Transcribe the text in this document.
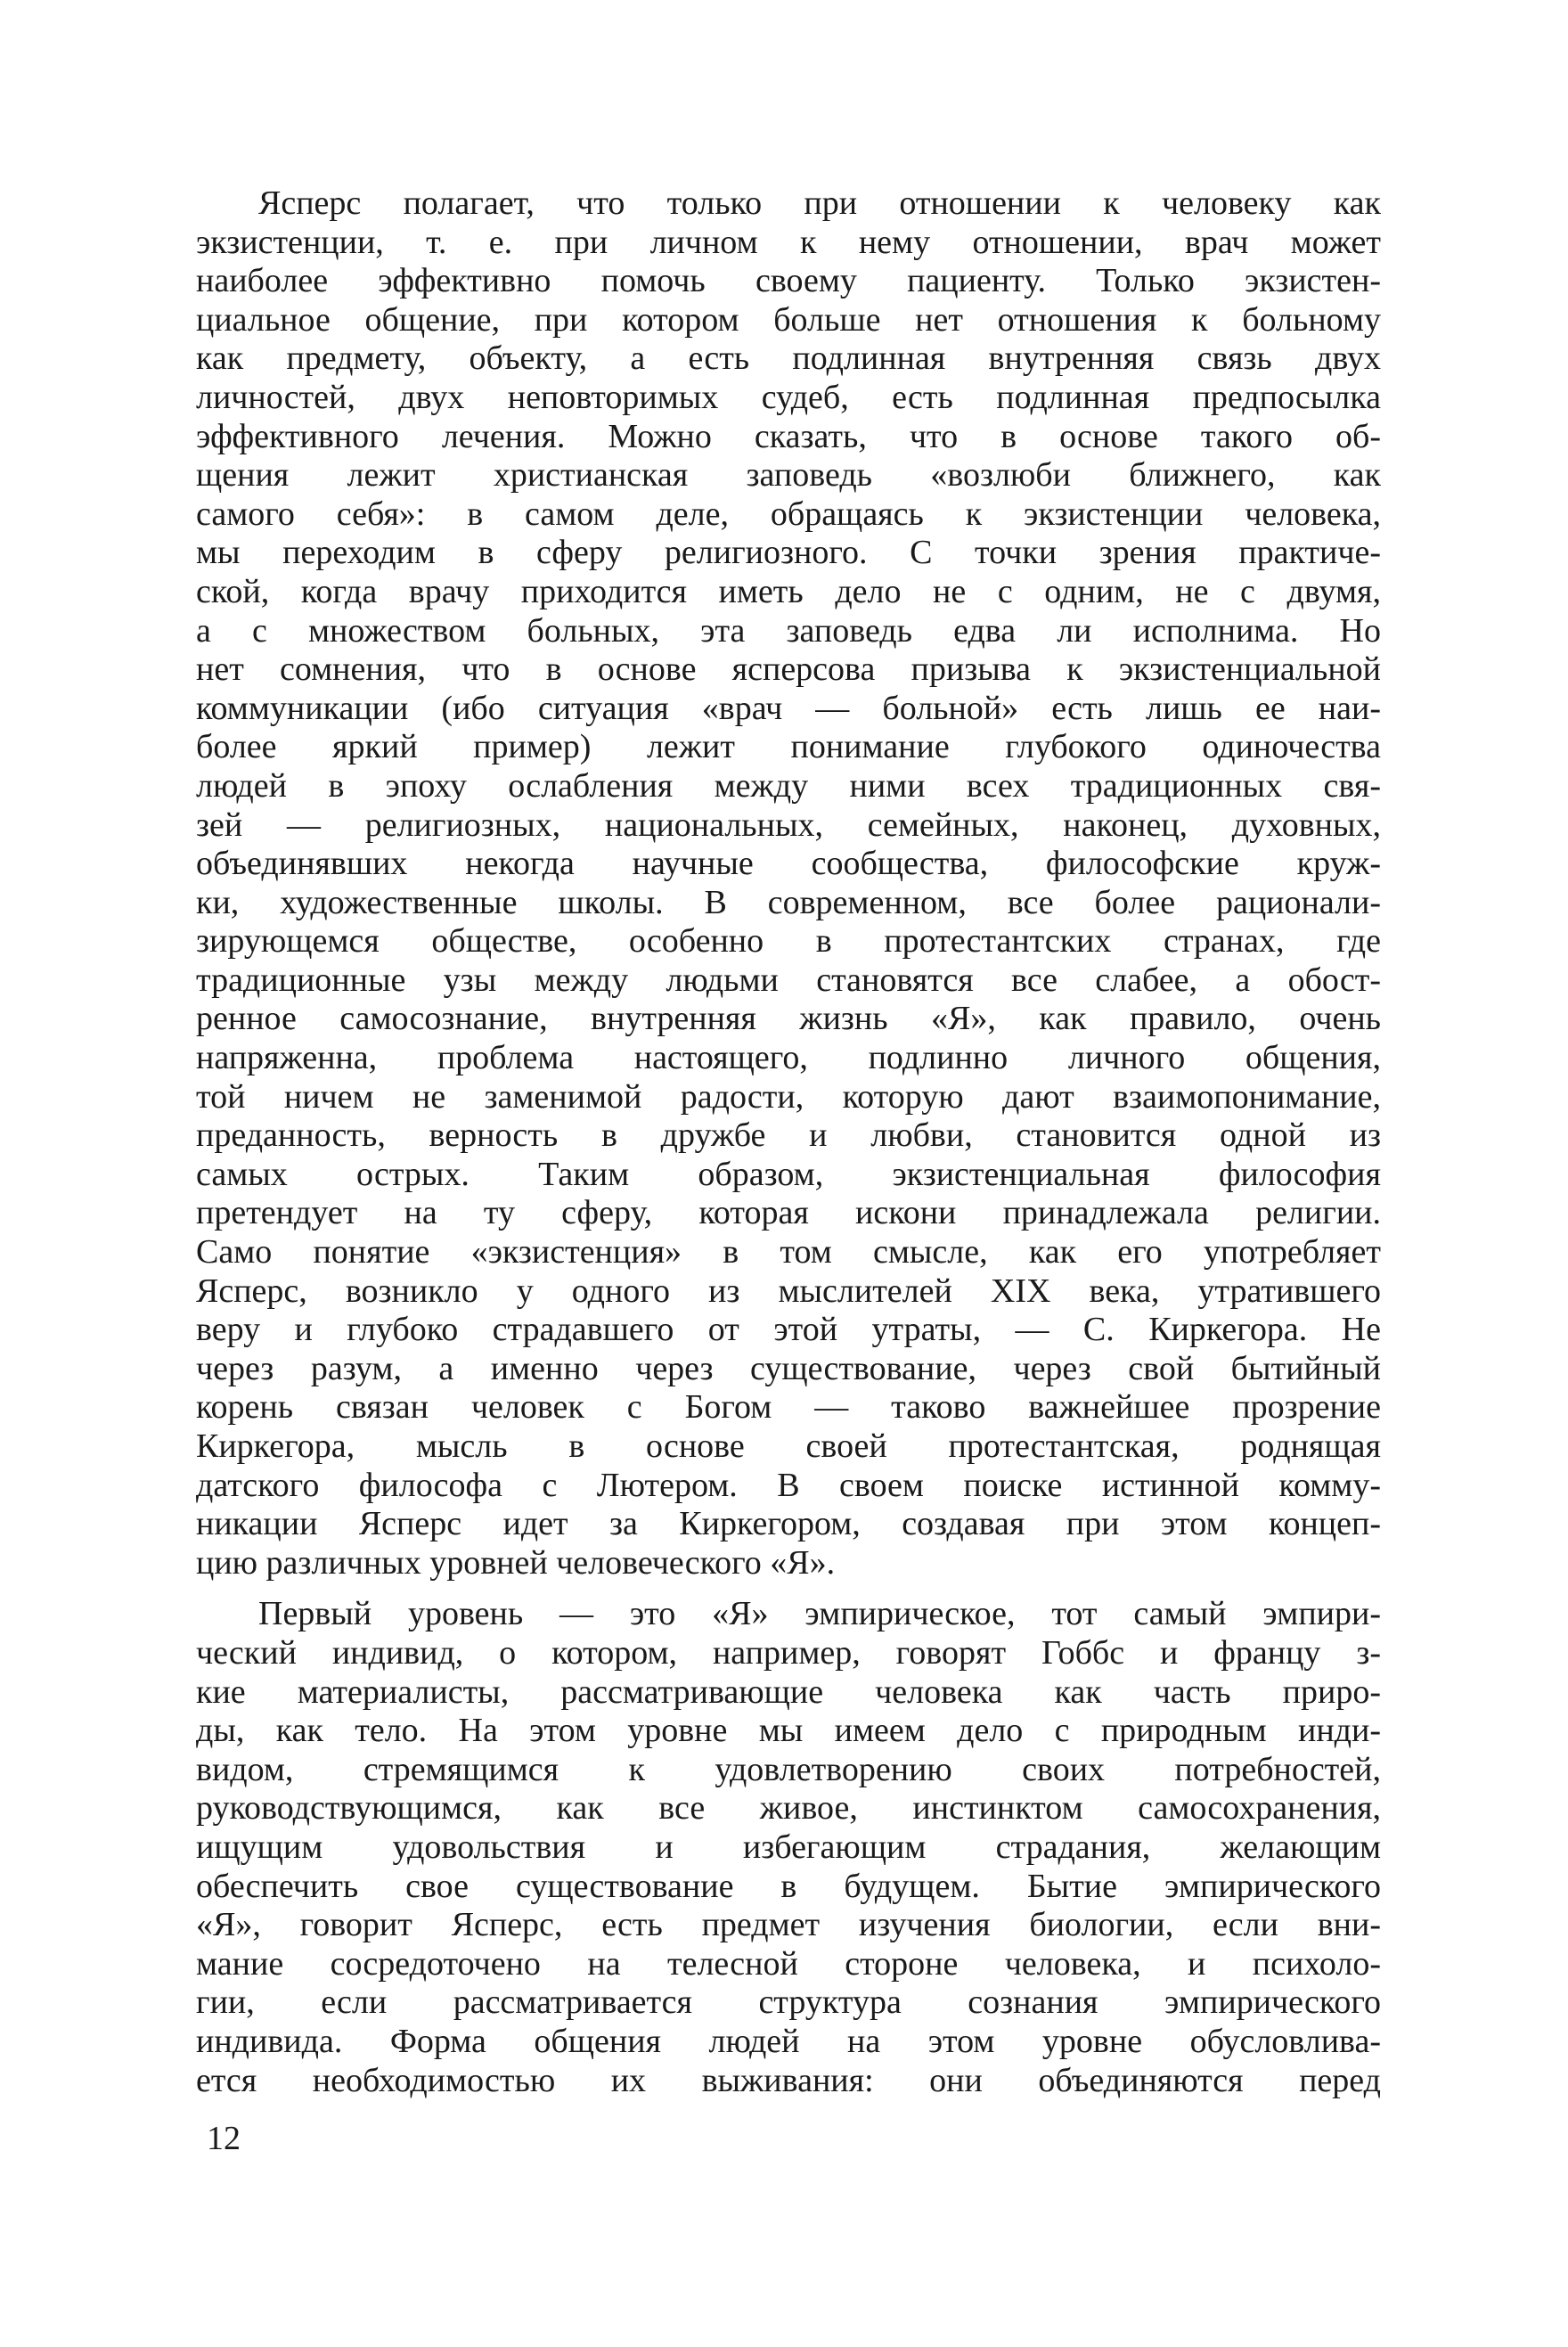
Ясперс полагает, что только при отношении к человеку как
экзистенции, т. е. при личном к нему отношении, врач может
наиболее эффективно помочь своему пациенту. Только экзистен-
циальное общение, при котором больше нет отношения к больному
как предмету, объекту, а есть подлинная внутренняя связь двух
личностей, двух неповторимых судеб, есть подлинная предпосылка
эффективного лечения. Можно сказать, что в основе такого об-
щения лежит христианская заповедь «возлюби ближнего, как
самого себя»: в самом деле, обращаясь к экзистенции человека,
мы переходим в сферу религиозного. С точки зрения практиче-
ской, когда врачу приходится иметь дело не с одним, не с двумя,
а с множеством больных, эта заповедь едва ли исполнима. Но
нет сомнения, что в основе ясперсова призыва к экзистенциальной
коммуникации (ибо ситуация «врач — больной» есть лишь ее наи-
более яркий пример) лежит понимание глубокого одиночества
людей в эпоху ослабления между ними всех традиционных свя-
зей — религиозных, национальных, семейных, наконец, духовных,
объединявших некогда научные сообщества, философские круж-
ки, художественные школы. В современном, все более рационали-
зирующемся обществе, особенно в протестантских странах, где
традиционные узы между людьми становятся все слабее, а обост-
ренное самосознание, внутренняя жизнь «Я», как правило, очень
напряженна, проблема настоящего, подлинно личного общения,
той ничем не заменимой радости, которую дают взаимопонимание,
преданность, верность в дружбе и любви, становится одной из
самых острых. Таким образом, экзистенциальная философия
претендует на ту сферу, которая искони принадлежала религии.
Само понятие «экзистенция» в том смысле, как его употребляет
Ясперс, возникло у одного из мыслителей XIX века, утратившего
веру и глубоко страдавшего от этой утраты, — С. Киркегора. Не
через разум, а именно через существование, через свой бытийный
корень связан человек с Богом — таково важнейшее прозрение
Киркегора, мысль в основе своей протестантская, роднящая
датского философа с Лютером. В своем поиске истинной комму-
никации Ясперс идет за Киркегором, создавая при этом концеп-
цию различных уровней человеческого «Я».

Первый уровень — это «Я» эмпирическое, тот самый эмпири-
ческий индивид, о котором, например, говорят Гоббс и францу з-
кие материалисты, рассматривающие человека как часть приро-
ды, как тело. На этом уровне мы имеем дело с природным инди-
видом, стремящимся к удовлетворению своих потребностей,
руководствующимся, как все живое, инстинктом самосохранения,
ищущим удовольствия и избегающим страдания, желающим
обеспечить свое существование в будущем. Бытие эмпирического
«Я», говорит Ясперс, есть предмет изучения биологии, если вни-
мание сосредоточено на телесной стороне человека, и психоло-
гии, если рассматривается структура сознания эмпирического
индивида. Форма общения людей на этом уровне обусловлива-
ется необходимостью их выживания: они объединяются перед

12
